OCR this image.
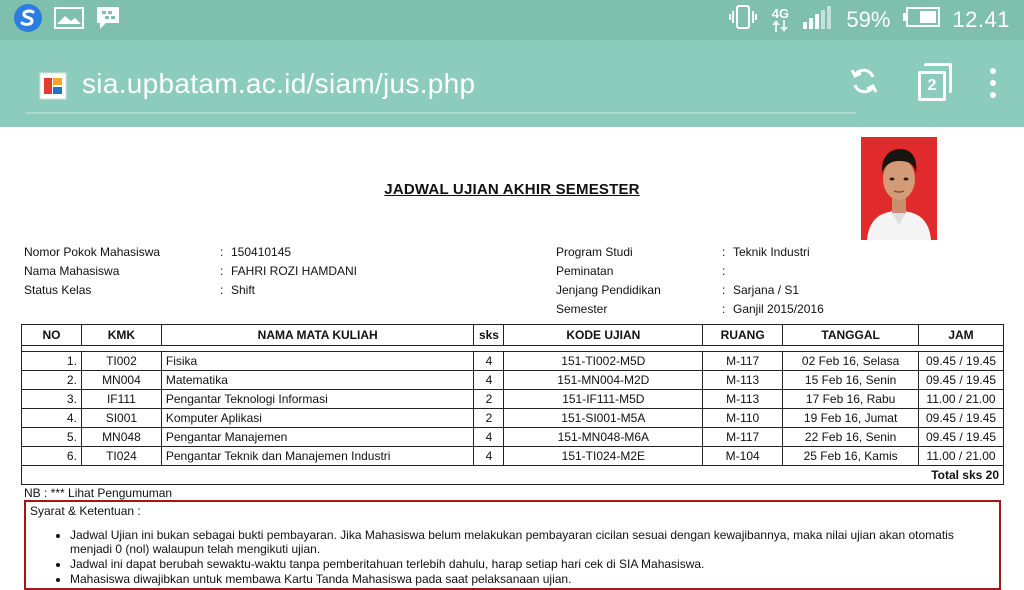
4G	59%	12.41
sia.upbatam.ac.id/siam/jus.php	2
JADWAL UJIAN AKHIR SEMESTER
Nomor Pokok Mahasiswa	: 150410145
Nama Mahasiswa	: FAHRI ROZI HAMDANI
Status Kelas	: Shift
Program Studi	: Teknik Industri
Peminatan	:
Jenjang Pendidikan	: Sarjana / S1
Semester	: Ganjil 2015/2016
NO	KMK	NAMA MATA KULIAH	sks	KODE UJIAN	RUANG	TANGGAL	JAM

1.	TI002	Fisika	4	151-TI002-M5D	M-117	02 Feb 16, Selasa	09.45 / 19.45
2.	MN004	Matematika	4	151-MN004-M2D	M-113	15 Feb 16, Senin	09.45 / 19.45
3.	IF111	Pengantar Teknologi Informasi	2	151-IF111-M5D	M-113	17 Feb 16, Rabu	11.00 / 21.00
4.	SI001	Komputer Aplikasi	2	151-SI001-M5A	M-110	19 Feb 16, Jumat	09.45 / 19.45
5.	MN048	Pengantar Manajemen	4	151-MN048-M6A	M-117	22 Feb 16, Senin	09.45 / 19.45
6.	TI024	Pengantar Teknik dan Manajemen Industri	4	151-TI024-M2E	M-104	25 Feb 16, Kamis	11.00 / 21.00
Total sks 20							
NB : *** Lihat Pengumuman
Syarat & Ketentuan :
• Jadwal Ujian ini bukan sebagai bukti pembayaran. Jika Mahasiswa belum melakukan pembayaran cicilan sesuai dengan kewajibannya, maka nilai ujian akan otomatis menjadi 0 (nol) walaupun telah mengikuti ujian.
• Jadwal ini dapat berubah sewaktu-waktu tanpa pemberitahuan terlebih dahulu, harap setiap hari cek di SIA Mahasiswa.
• Mahasiswa diwajibkan untuk membawa Kartu Tanda Mahasiswa pada saat pelaksanaan ujian.
